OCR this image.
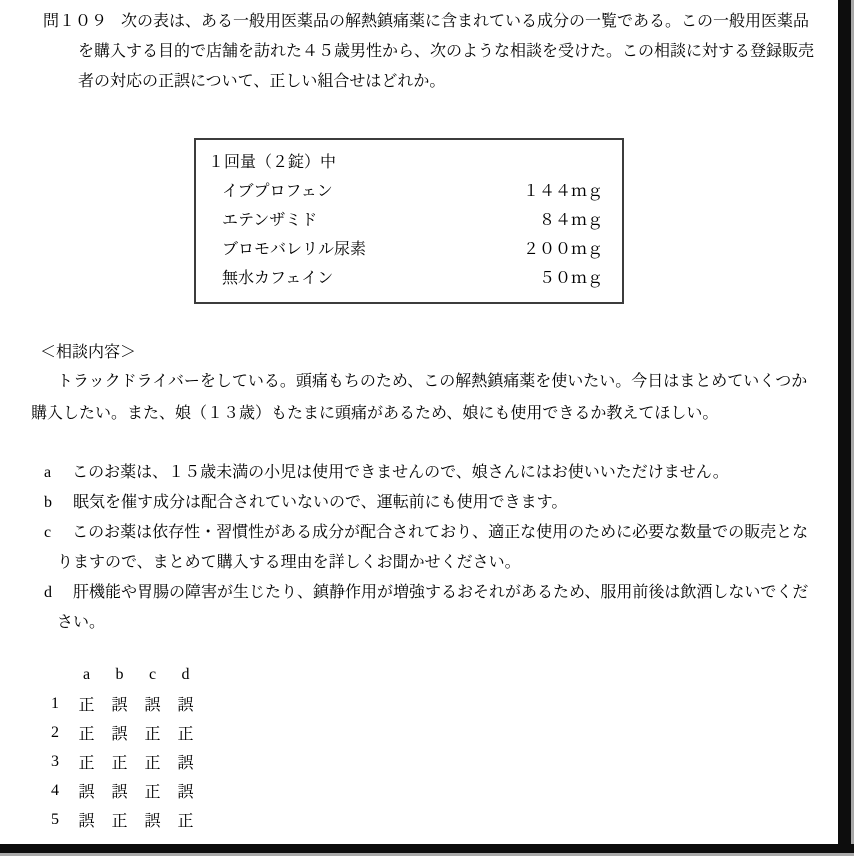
問１０９ 次の表は、ある一般用医薬品の解熱鎮痛薬に含まれている成分の一覧である。この一般用医薬品を購入する目的で店舗を訪れた４５歳男性から、次のような相談を受けた。この相談に対する登録販売者の対応の正誤について、正しい組合せはどれか。

１回量（２錠）中
イブプロフェン	１４４ｍｇ
エテンザミド	８４ｍｇ
ブロモバレリル尿素	２００ｍｇ
無水カフェイン	５０ｍｇ
＜相談内容＞

トラックドライバーをしている。頭痛もちのため、この解熱鎮痛薬を使いたい。今日はまとめていくつか購入したい。また、娘（１３歳）もたまに頭痛があるため、娘にも使用できるか教えてほしい。

a このお薬は、１５歳未満の小児は使用できませんので、娘さんにはお使いいただけません。

b 眠気を催す成分は配合されていないので、運転前にも使用できます。

c このお薬は依存性・習慣性がある成分が配合されており、適正な使用のために必要な数量での販売となりますので、まとめて購入する理由を詳しくお聞かせください。

d 肝機能や胃腸の障害が生じたり、鎮静作用が増強するおそれがあるため、服用前後は飲酒しないでください。

	a	b	c	d
1	正	誤	誤	誤
2	正	誤	正	正
3	正	正	正	誤
4	誤	誤	正	誤
5	誤	正	誤	正
